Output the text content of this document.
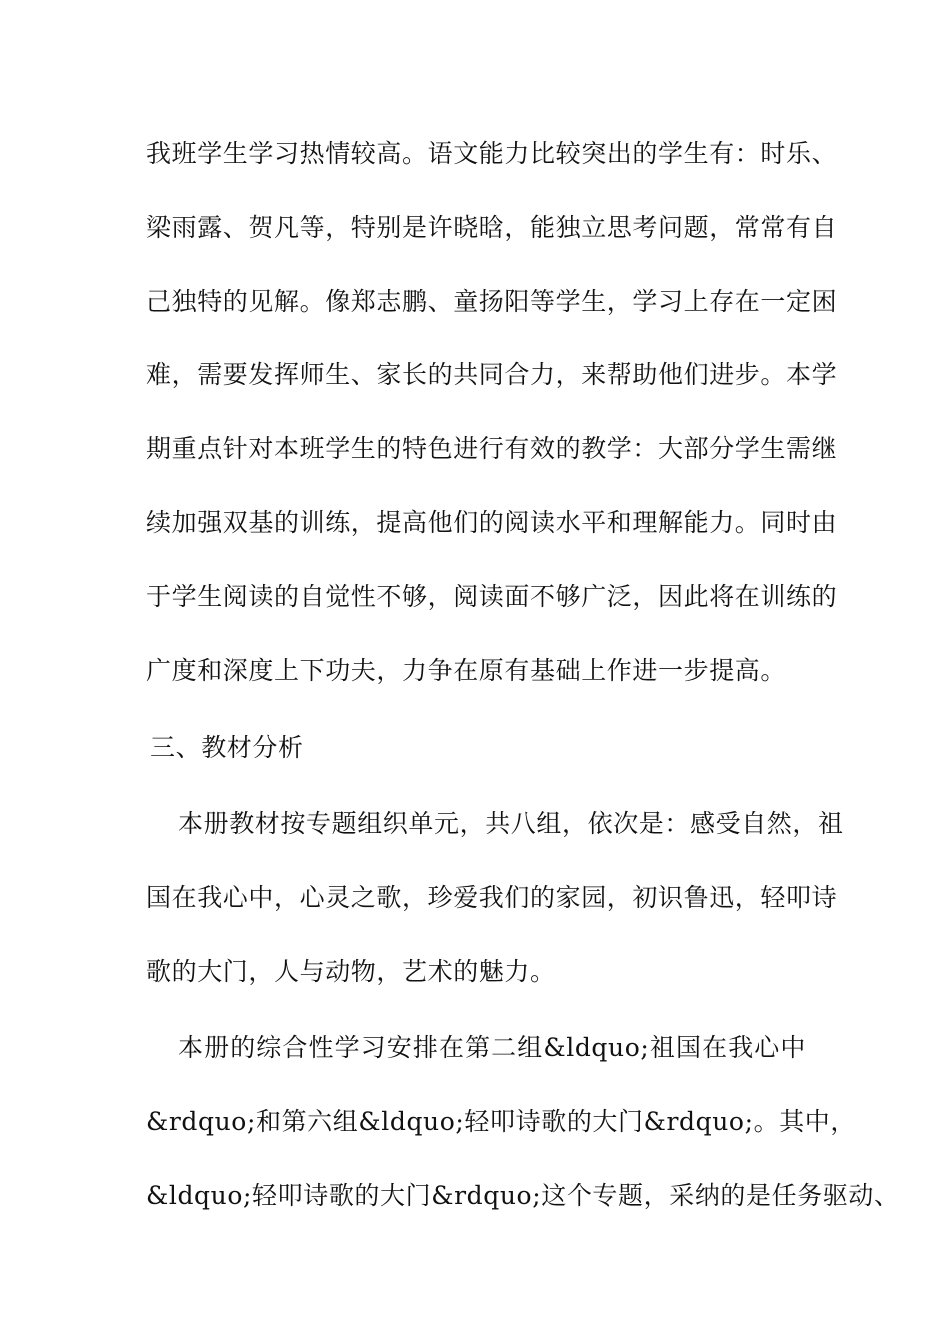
我班学生学习热情较高。语文能力比较突出的学生有：时乐、
梁雨露、贺凡等，特别是许晓晗，能独立思考问题，常常有自
己独特的见解。像郑志鹏、童扬阳等学生，学习上存在一定困
难，需要发挥师生、家长的共同合力，来帮助他们进步。本学
期重点针对本班学生的特色进行有效的教学：大部分学生需继
续加强双基的训练，提高他们的阅读水平和理解能力。同时由
于学生阅读的自觉性不够，阅读面不够广泛，因此将在训练的
广度和深度上下功夫，力争在原有基础上作进一步提高。
三、教材分析
本册教材按专题组织单元，共八组，依次是：感受自然，祖
国在我心中，心灵之歌，珍爱我们的家园，初识鲁迅，轻叩诗
歌的大门，人与动物，艺术的魅力。
本册的综合性学习安排在第二组&ldquo;祖国在我心中
&rdquo;和第六组&ldquo;轻叩诗歌的大门&rdquo;。其中，
&ldquo;轻叩诗歌的大门&rdquo;这个专题，采纳的是任务驱动、
